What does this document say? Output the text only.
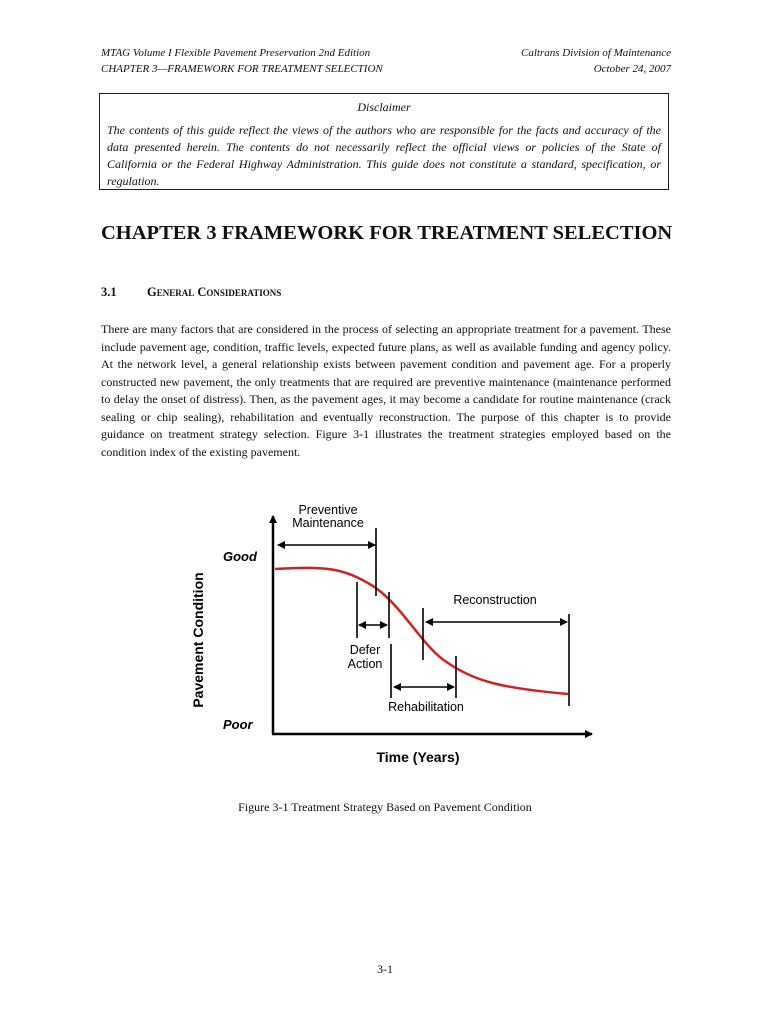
MTAG Volume I Flexible Pavement Preservation 2nd Edition
CHAPTER 3—FRAMEWORK FOR TREATMENT SELECTION
Caltrans Division of Maintenance
October 24, 2007
Disclaimer
The contents of this guide reflect the views of the authors who are responsible for the facts and accuracy of the data presented herein. The contents do not necessarily reflect the official views or policies of the State of California or the Federal Highway Administration. This guide does not constitute a standard, specification, or regulation.
CHAPTER 3 FRAMEWORK FOR TREATMENT SELECTION
3.1 General Considerations
There are many factors that are considered in the process of selecting an appropriate treatment for a pavement. These include pavement age, condition, traffic levels, expected future plans, as well as available funding and agency policy. At the network level, a general relationship exists between pavement condition and pavement age. For a properly constructed new pavement, the only treatments that are required are preventive maintenance (maintenance performed to delay the onset of distress). Then, as the pavement ages, it may become a candidate for routine maintenance (crack sealing or chip sealing), rehabilitation and eventually reconstruction. The purpose of this chapter is to provide guidance on treatment strategy selection. Figure 3-1 illustrates the treatment strategies employed based on the condition index of the existing pavement.
Preventive
Maintenance
Good
Poor
Reconstruction
Defer
Action
Rehabilitation
Time (Years)
Pavement Condition
Figure 3-1 Treatment Strategy Based on Pavement Condition
3-1
